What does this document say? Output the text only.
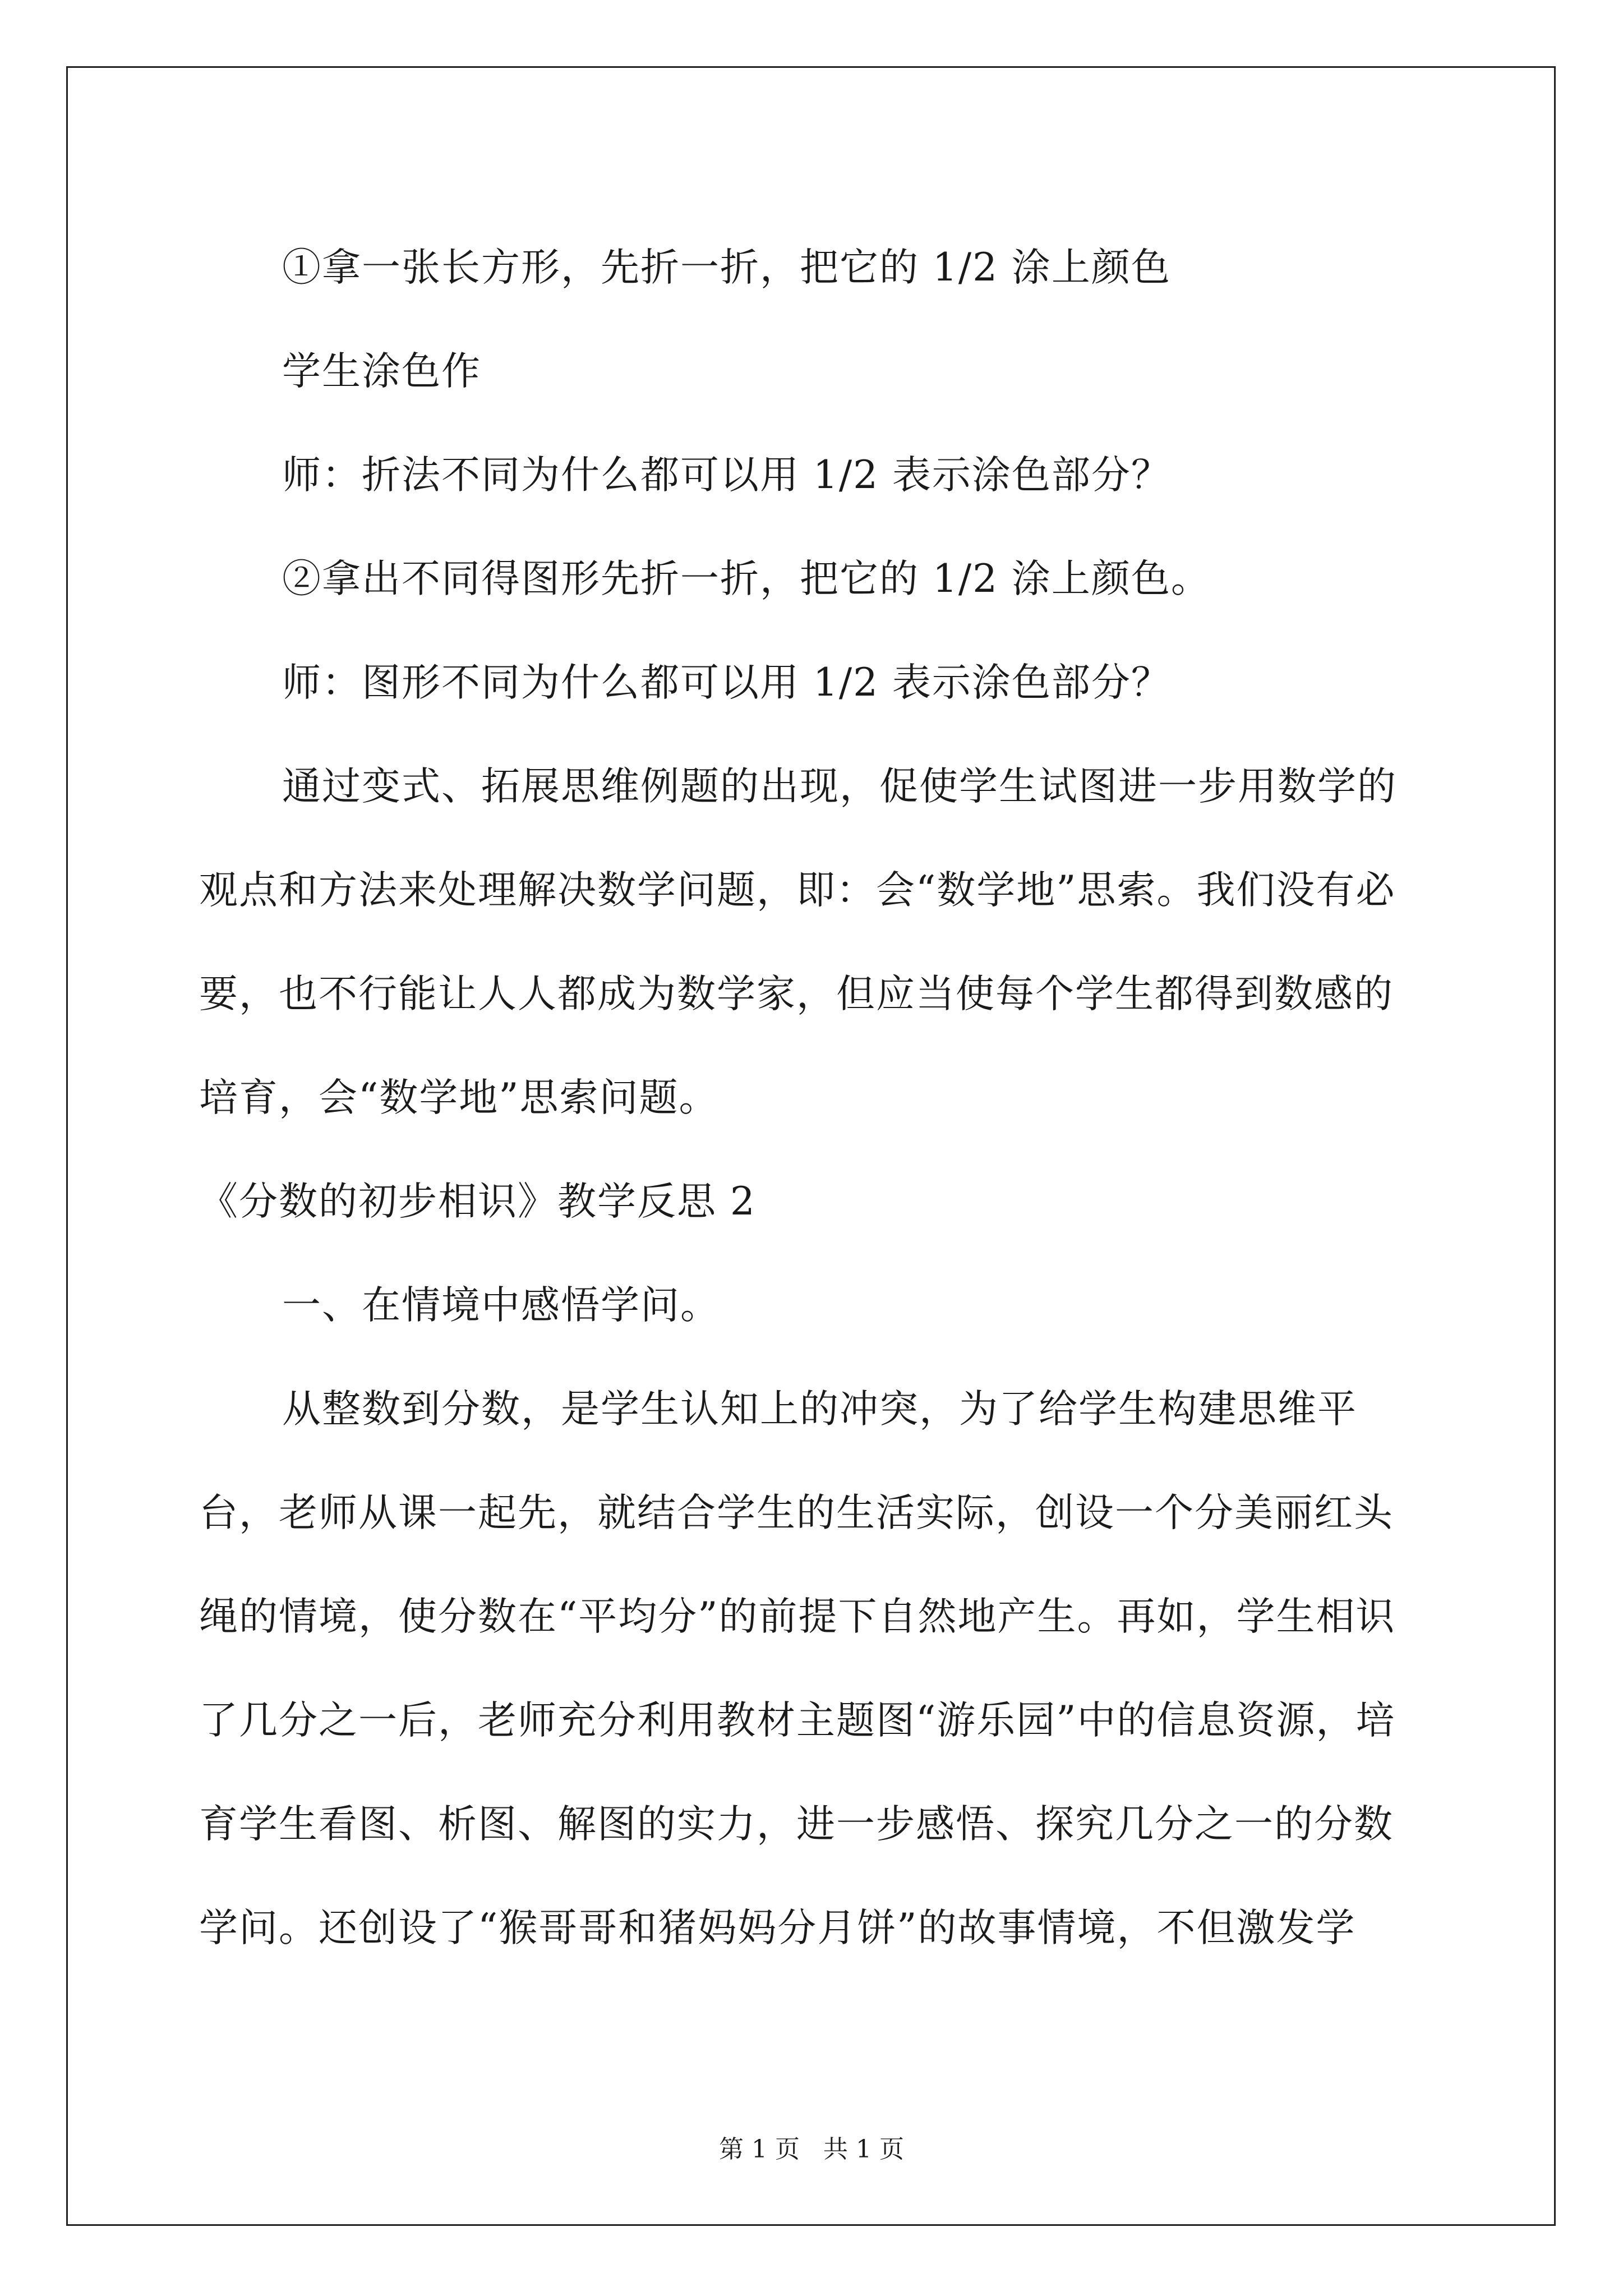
①拿一张长方形，先折一折，把它的 1/2 涂上颜色

学生涂色作

师：折法不同为什么都可以用 1/2 表示涂色部分？

②拿出不同得图形先折一折，把它的 1/2 涂上颜色。

师：图形不同为什么都可以用 1/2 表示涂色部分？

通过变式、拓展思维例题的出现，促使学生试图进一步用数学的观点和方法来处理解决数学问题，即：会“数学地”思索。我们没有必要，也不行能让人人都成为数学家，但应当使每个学生都得到数感的培育，会“数学地”思索问题。

《分数的初步相识》教学反思 2

一、在情境中感悟学问。

从整数到分数，是学生认知上的冲突，为了给学生构建思维平台，老师从课一起先，就结合学生的生活实际，创设一个分美丽红头绳的情境，使分数在“平均分”的前提下自然地产生。再如，学生相识了几分之一后，老师充分利用教材主题图“游乐园”中的信息资源，培育学生看图、析图、解图的实力，进一步感悟、探究几分之一的分数学问。还创设了“猴哥哥和猪妈妈分月饼”的故事情境，不但激发学

第 1 页 共 1 页
